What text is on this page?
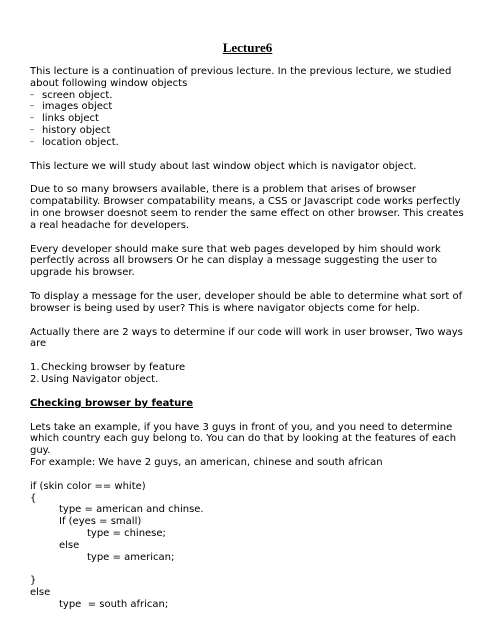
Lecture6

This lecture is a continuation of previous lecture. In the previous lecture, we studied about following window objects

– screen object.
– images object
– links object
– history object
– location object.

This lecture we will study about last window object which is navigator object.

Due to so many browsers available, there is a problem that arises of browser compatability. Browser compatability means, a CSS or Javascript code works perfectly in one browser doesnot seem to render the same effect on other browser. This creates a real headache for developers.

Every developer should make sure that web pages developed by him should work perfectly across all browsers Or he can display a message suggesting the user to upgrade his browser.

To display a message for the user, developer should be able to determine what sort of browser is being used by user? This is where navigator objects come for help.

Actually there are 2 ways to determine if our code will work in user browser, Two ways are

1. Checking browser by feature
2. Using Navigator object.

Checking browser by feature

Lets take an example, if you have 3 guys in front of you, and you need to determine which country each guy belong to. You can do that by looking at the features of each guy.

For example: We have 2 guys, an american, chinese and south african

if (skin color == white)
{
type = american and chinse.
If (eyes = small)
type = chinese;
else
type = american;
}
else
type  = south african;
